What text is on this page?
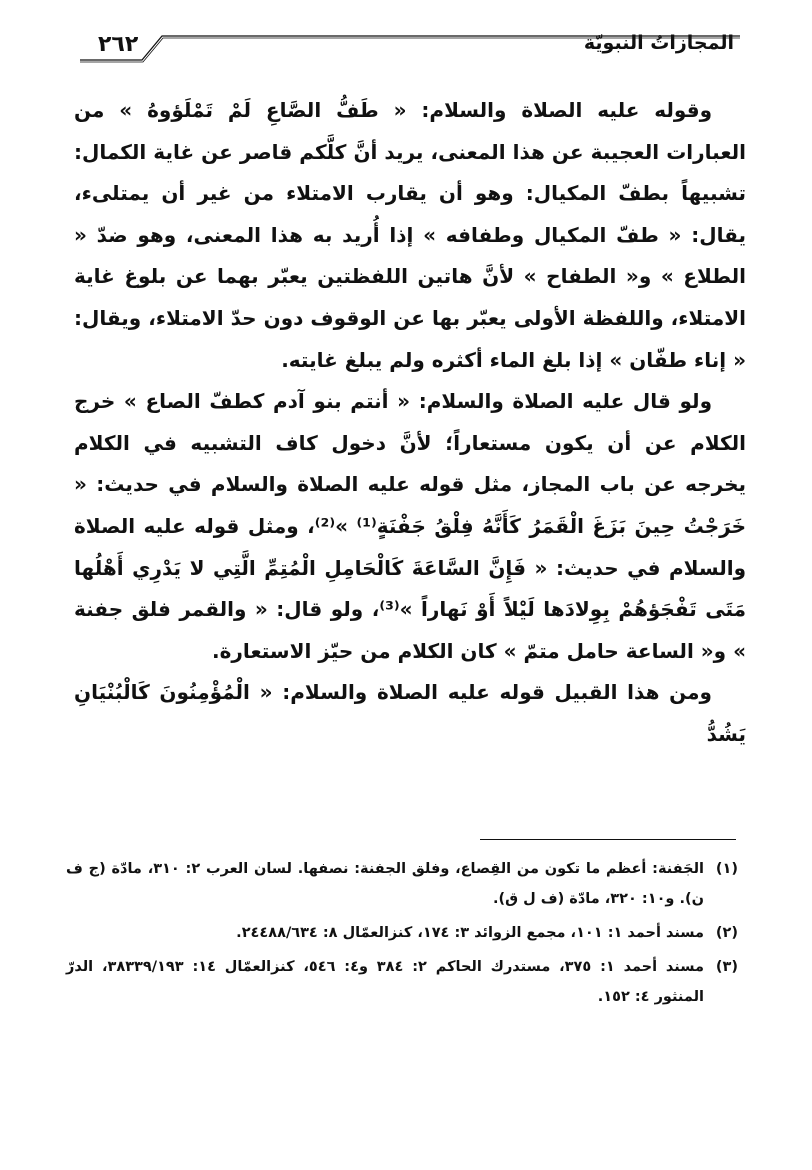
المجازاتُ النبويّة
٢٦٢

وقوله عليه الصلاة والسلام: « طَفُّ الصَّاعِ لَمْ تَمْلَؤوهُ » من العبارات العجيبة عن هذا المعنى، يريد أنَّ كلَّكم قاصر عن غاية الكمال: تشبيهاً بطفّ المكيال: وهو أن يقارب الامتلاء من غير أن يمتلىء، يقال: « طفّ المكيال وطفافه » إذا أُريد به هذا المعنى، وهو ضدّ « الطلاع » و« الطفاح » لأنَّ هاتين اللفظتين يعبّر بهما عن بلوغ غاية الامتلاء، واللفظة الأولى يعبّر بها عن الوقوف دون حدّ الامتلاء، ويقال: « إناء طفّان » إذا بلغ الماء أكثره ولم يبلغ غايته.

ولو قال عليه الصلاة والسلام: « أنتم بنو آدم كطفّ الصاع » خرج الكلام عن أن يكون مستعاراً؛ لأنَّ دخول كاف التشبيه في الكلام يخرجه عن باب المجاز، مثل قوله عليه الصلاة والسلام في حديث: « خَرَجْتُ حِينَ بَزَغَ الْقَمَرُ كَأَنَّهُ فِلْقُ جَفْنَةٍ⁽¹⁾ »⁽²⁾، ومثل قوله عليه الصلاة والسلام في حديث: « فَإِنَّ السَّاعَةَ كَالْحَامِلِ الْمُتِمِّ الَّتِي لا يَدْرِي أَهْلُها مَتَى تَفْجَؤهُمْ بِوِلادَها لَيْلاً أَوْ نَهاراً »⁽³⁾، ولو قال: « والقمر فلق جفنة » و« الساعة حامل متمّ » كان الكلام من حيّز الاستعارة.

ومن هذا القبيل قوله عليه الصلاة والسلام: « الْمُؤْمِنُونَ كَالْبُنْيَانِ يَشُدُّ

(١)الجَفنة: أعظم ما تكون من القِصاع، وفلق الجفنة: نصفها. لسان العرب ٢: ٣١٠، مادّة (ج ف ن). و١٠: ٣٢٠، مادّة (ف ل ق).

(٢)مسند أحمد ١: ١٠١، مجمع الزوائد ٣: ١٧٤، كنزالعمّال ٨: ٢٤٤٨٨/٦٣٤.

(٣)مسند أحمد ١: ٣٧٥، مستدرك الحاكم ٢: ٣٨٤ و٤: ٥٤٦، كنزالعمّال ١٤: ٣٨٣٣٩/١٩٣، الدرّ المنثور ٤: ١٥٢.
